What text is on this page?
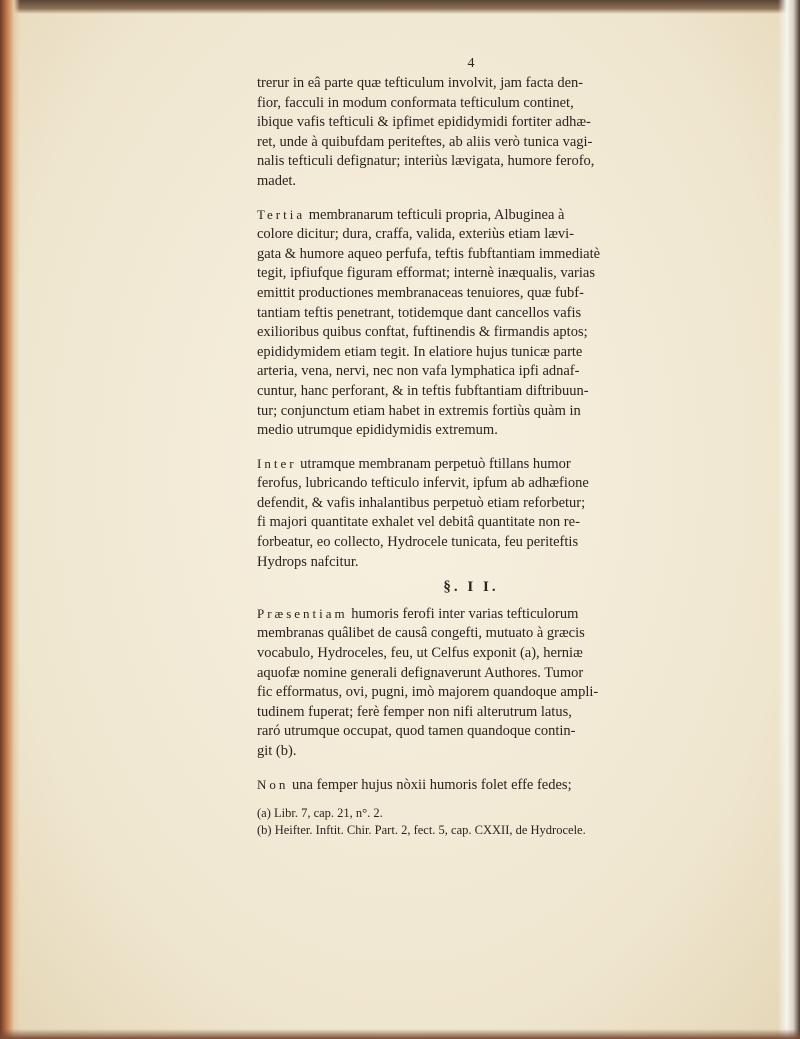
4

trerur in eâ parte quæ tefticulum involvit, jam facta den-
fior, facculi in modum conformata tefticulum continet,
ibique vafis tefticuli & ipfimet epididymidi fortiter adhæ-
ret, unde à quibufdam periteftes, ab aliis verò tunica vagi-
nalis tefticuli defignatur; interiùs lævigata, humore ferofo,
madet.

Tertia membranarum tefticuli propria, Albuginea à
colore dicitur; dura, craffa, valida, exteriùs etiam lævi-
gata & humore aqueo perfufa, teftis fubftantiam immediatè
tegit, ipfiufque figuram efformat; internè inæqualis, varias
emittit productiones membranaceas tenuiores, quæ fubf-
tantiam teftis penetrant, totidemque dant cancellos vafis
exilioribus quibus conftat, fuftinendis & firmandis aptos;
epididymidem etiam tegit. In elatiore hujus tunicæ parte
arteria, vena, nervi, nec non vafa lymphatica ipfi adnaf-
cuntur, hanc perforant, & in teftis fubftantiam diftribuun-
tur; conjunctum etiam habet in extremis fortiùs quàm in
medio utrumque epididymidis extremum.

Inter utramque membranam perpetuò ftillans humor
ferofus, lubricando tefticulo infervit, ipfum ab adhæfione
defendit, & vafis inhalantibus perpetuò etiam reforbetur;
fi majori quantitate exhalet vel debitâ quantitate non re-
forbeatur, eo collecto, Hydrocele tunicata, feu periteftis
Hydrops nafcitur.

§. I I.

Præsentiam humoris ferofi inter varias tefticulorum
membranas quâlibet de causâ congefti, mutuato à græcis
vocabulo, Hydroceles, feu, ut Celfus exponit (a), herniæ
aquofæ nomine generali defignaverunt Authores. Tumor
fic efformatus, ovi, pugni, imò majorem quandoque ampli-
tudinem fuperat; ferè femper non nifi alterutrum latus,
raró utrumque occupat, quod tamen quandoque contin-
git (b).

Non una femper hujus nòxii humoris folet effe fedes;

(a) Libr. 7, cap. 21, n°. 2.
(b) Heifter. Inftit. Chir. Part. 2, fect. 5, cap. CXXII, de Hydrocele.
